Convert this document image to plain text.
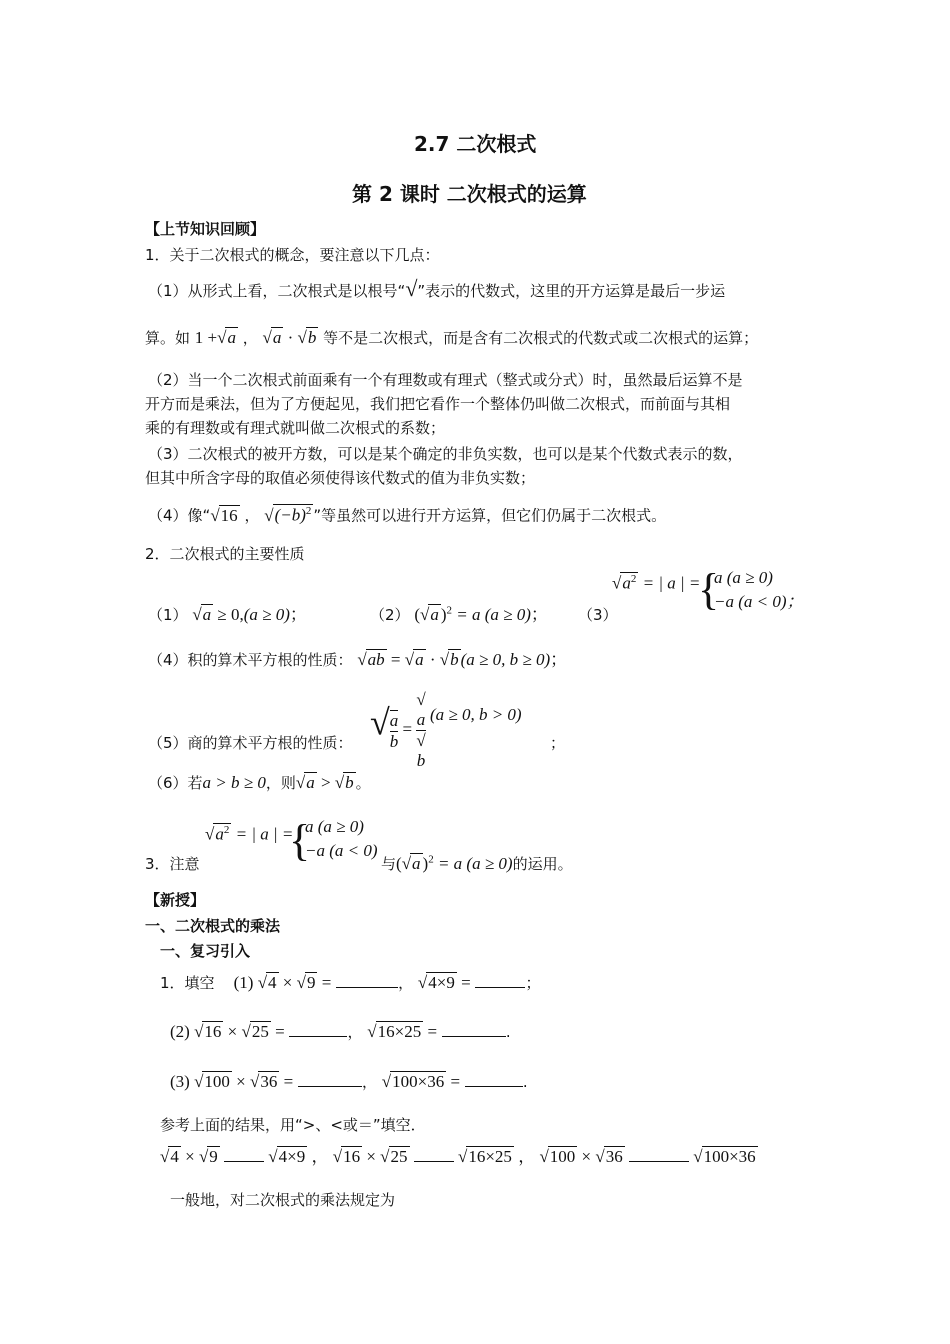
2.7 二次根式
第 2 课时 二次根式的运算
【上节知识回顾】
1．关于二次根式的概念，要注意以下几点：
（1）从形式上看，二次根式是以根号“√”表示的代数式，这里的开方运算是最后一步运
算。如 1 +√a ， √a · √b 等不是二次根式，而是含有二次根式的代数式或二次根式的运算；
（2）当一个二次根式前面乘有一个有理数或有理式（整式或分式）时，虽然最后运算不是
开方而是乘法，但为了方便起见，我们把它看作一个整体仍叫做二次根式，而前面与其相
乘的有理数或有理式就叫做二次根式的系数；
（3）二次根式的被开方数，可以是某个确定的非负实数，也可以是某个代数式表示的数，
但其中所含字母的取值必须使得该代数式的值为非负实数；
（4）像“√16 ， $√(-b)^2$ ”等虽然可以进行开方运算，但它们仍属于二次根式。
2．二次根式的主要性质
（1） √a ≥ 0,(a ≥ 0)；	（2） (√a )$^2$ = a (a ≥ 0)； （3）
$√a^2$ = | a | =
{
a (a ≥ 0)
−a (a < 0)；
（4）积的算术平方根的性质： √ab = √a · √b (a ≥ 0, b ≥ 0)；
（5）商的算术平方根的性质：
√ $\frac{a}{b}$ = √
a
√
b (a ≥ 0, b > 0)
；
（6）若a > b ≥ 0，则√a > √b 。
3．注意
$√a^2$ = | a | =
{
a (a ≥ 0)
−a (a < 0)
与(√a )$^2$ = a (a ≥ 0)的运用。
【新授】
一、二次根式的乘法
一、复习引入
1．填空 (1) √4 × √9 =	， √4×9 =	；
(2) √16 × √25 =	， √16×25 =	.
(3) √100 × √36 =	， √100×36 =	.
参考上面的结果，用“>、<或＝”填空．
√4 × √9	√4×9 ， √16 × √25	√16×25 ， √100 × √36	√100×36
一般地，对二次根式的乘法规定为
